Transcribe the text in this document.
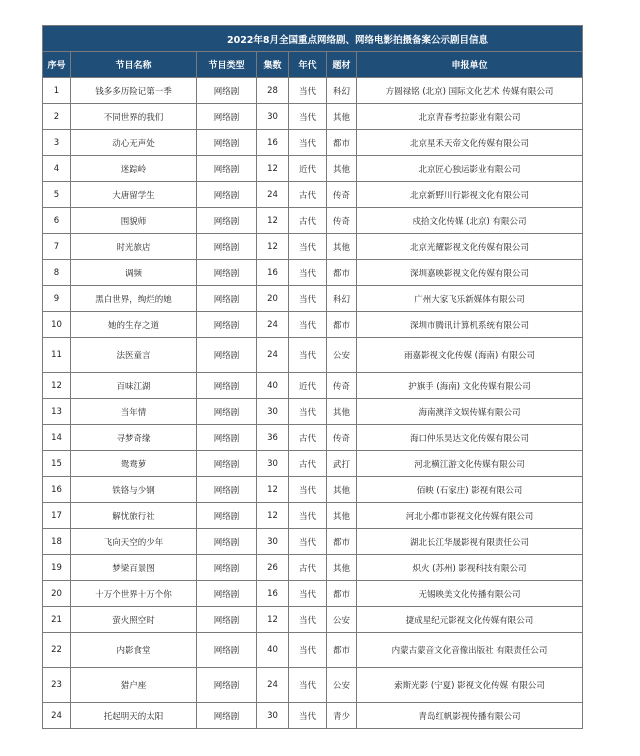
2022年8月全国重点网络剧、网络电影拍摄备案公示剧目信息						
序号	节目名称	节目类型	集数	年代	题材	申报单位
1	钱多多历险记第一季	网络剧	28	当代	科幻	方圆禄铭 (北京) 国际文化艺术 传媒有限公司
2	不同世界的我们	网络剧	30	当代	其他	北京青春考拉影业有限公司
3	动心无声处	网络剧	16	当代	都市	北京星禾天帝文化传媒有限公司
4	迷踪岭	网络剧	12	近代	其他	北京匠心独运影业有限公司
5	大唐留学生	网络剧	24	古代	传奇	北京新野川行影视文化有限公司
6	围貌师	网络剧	12	古代	传奇	戍拾文化传媒 (北京) 有限公司
7	时光旅店	网络剧	12	当代	其他	北京光耀影视文化传媒有限公司
8	调频	网络剧	16	当代	都市	深圳嘉映影视文化传媒有限公司
9	黑白世界，绚烂的她	网络剧	20	当代	科幻	广州大家飞乐新媒体有限公司
10	她的生存之道	网络剧	24	当代	都市	深圳市腾讯计算机系统有限公司
11	法医童言	网络剧	24	当代	公安	雨嘉影视文化传媒 (海南) 有限公司
12	百味江湖	网络剧	40	近代	传奇	护旗手 (海南) 文化传媒有限公司
13	当年情	网络剧	30	当代	其他	海南澳洋文娱传媒有限公司
14	寻梦奇缘	网络剧	36	古代	传奇	海口仲乐昊达文化传媒有限公司
15	鸳鸯萝	网络剧	30	古代	武打	河北横江游文化传媒有限公司
16	铁铬与少钢	网络剧	12	当代	其他	佰映 (石家庄) 影视有限公司
17	解忧旅行社	网络剧	12	当代	其他	河北小都市影视文化传媒有限公司
18	飞向天空的少年	网络剧	30	当代	都市	湖北长江华晟影视有限责任公司
19	梦梁百景图	网络剧	26	古代	其他	炽火 (苏州) 影视科技有限公司
20	十万个世界十万个你	网络剧	16	当代	都市	无锡映美文化传播有限公司
21	萤火照空时	网络剧	12	当代	公安	捷成星纪元影视文化传媒有限公司
22	内影食堂	网络剧	40	当代	都市	内蒙古蒙音文化音像出版社 有限责任公司
23	猎户座	网络剧	24	当代	公安	索斯光影 (宁夏) 影视文化传媒 有限公司
24	托起明天的太阳	网络剧	30	当代	青少	青岛红帆影视传播有限公司
